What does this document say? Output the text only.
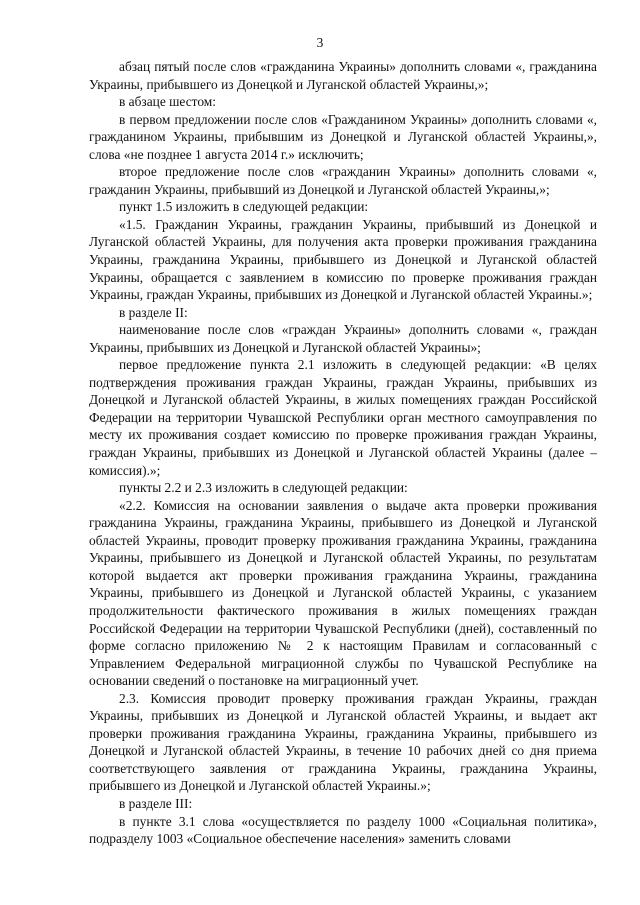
3

абзац пятый после слов «гражданина Украины» дополнить словами «, гражданина Украины, прибывшего из Донецкой и Луганской областей Украины,»;

в абзаце шестом:

в первом предложении после слов «Гражданином Украины» дополнить словами «, гражданином Украины, прибывшим из Донецкой и Луганской областей Украины,», слова «не позднее 1 августа 2014 г.» исключить;

второе предложение после слов «гражданин Украины» дополнить словами «, гражданин Украины, прибывший из Донецкой и Луганской областей Украины,»;

пункт 1.5 изложить в следующей редакции:

«1.5. Гражданин Украины, гражданин Украины, прибывший из Донецкой и Луганской областей Украины, для получения акта проверки проживания гражданина Украины, гражданина Украины, прибывшего из Донецкой и Луганской областей Украины, обращается с заявлением в комиссию по проверке проживания граждан Украины, граждан Украины, прибывших из Донецкой и Луганской областей Украины.»;

в разделе II:

наименование после слов «граждан Украины» дополнить словами «, граждан Украины, прибывших из Донецкой и Луганской областей Украины»;

первое предложение пункта 2.1 изложить в следующей редакции: «В целях подтверждения проживания граждан Украины, граждан Украины, прибывших из Донецкой и Луганской областей Украины, в жилых помещениях граждан Российской Федерации на территории Чувашской Республики орган местного самоуправления по месту их проживания создает комиссию по проверке проживания граждан Украины, граждан Украины, прибывших из Донецкой и Луганской областей Украины (далее – комиссия).»;

пункты 2.2 и 2.3 изложить в следующей редакции:

«2.2. Комиссия на основании заявления о выдаче акта проверки проживания гражданина Украины, гражданина Украины, прибывшего из Донецкой и Луганской областей Украины, проводит проверку проживания гражданина Украины, гражданина Украины, прибывшего из Донецкой и Луганской областей Украины, по результатам которой выдается акт проверки проживания гражданина Украины, гражданина Украины, прибывшего из Донецкой и Луганской областей Украины, с указанием продолжительности фактического проживания в жилых помещениях граждан Российской Федерации на территории Чувашской Республики (дней), составленный по форме согласно приложению № 2 к настоящим Правилам и согласованный с Управлением Федеральной миграционной службы по Чувашской Республике на основании сведений о постановке на миграционный учет.

2.3. Комиссия проводит проверку проживания граждан Украины, граждан Украины, прибывших из Донецкой и Луганской областей Украины, и выдает акт проверки проживания гражданина Украины, гражданина Украины, прибывшего из Донецкой и Луганской областей Украины, в течение 10 рабочих дней со дня приема соответствующего заявления от гражданина Украины, гражданина Украины, прибывшего из Донецкой и Луганской областей Украины.»;

в разделе III:

в пункте 3.1 слова «осуществляется по разделу 1000 «Социальная политика», подразделу 1003 «Социальное обеспечение населения» заменить словами
